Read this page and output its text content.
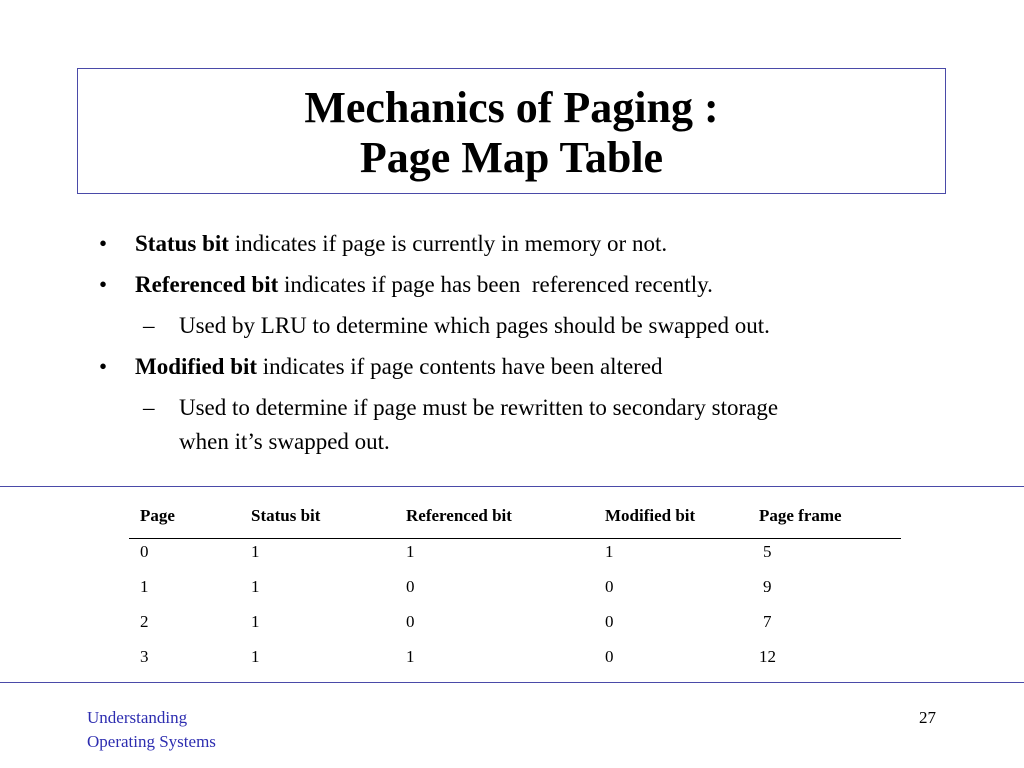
Mechanics of Paging :
Page Map Table
•	Status bit indicates if page is currently in memory or not.
•	Referenced bit indicates if page has been  referenced recently.
– Used by LRU to determine which pages should be swapped out.
•	Modified bit indicates if page contents have been altered
– Used to determine if page must be rewritten to secondary storage
when it’s swapped out.
Page	Status bit	Referenced bit	Modified bit	Page frame
0	1	1	1	5
1	1	0	0	9
2	1	0	0	7
3	1	1	0	12
Understanding
Operating Systems
27
